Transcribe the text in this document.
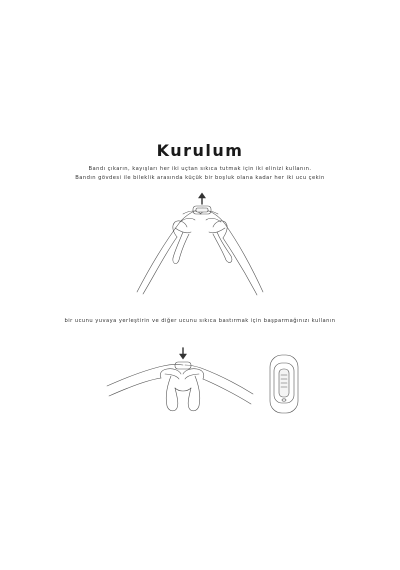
Kurulum
Bandı çıkarın, kayışları her iki uçtan sıkıca tutmak için iki elinizi kullanın.
Bandın gövdesi ile bileklik arasında küçük bir boşluk olana kadar her iki ucu çekin
bir ucunu yuvaya yerleştirin ve diğer ucunu sıkıca bastırmak için başparmağınızı kullanın
